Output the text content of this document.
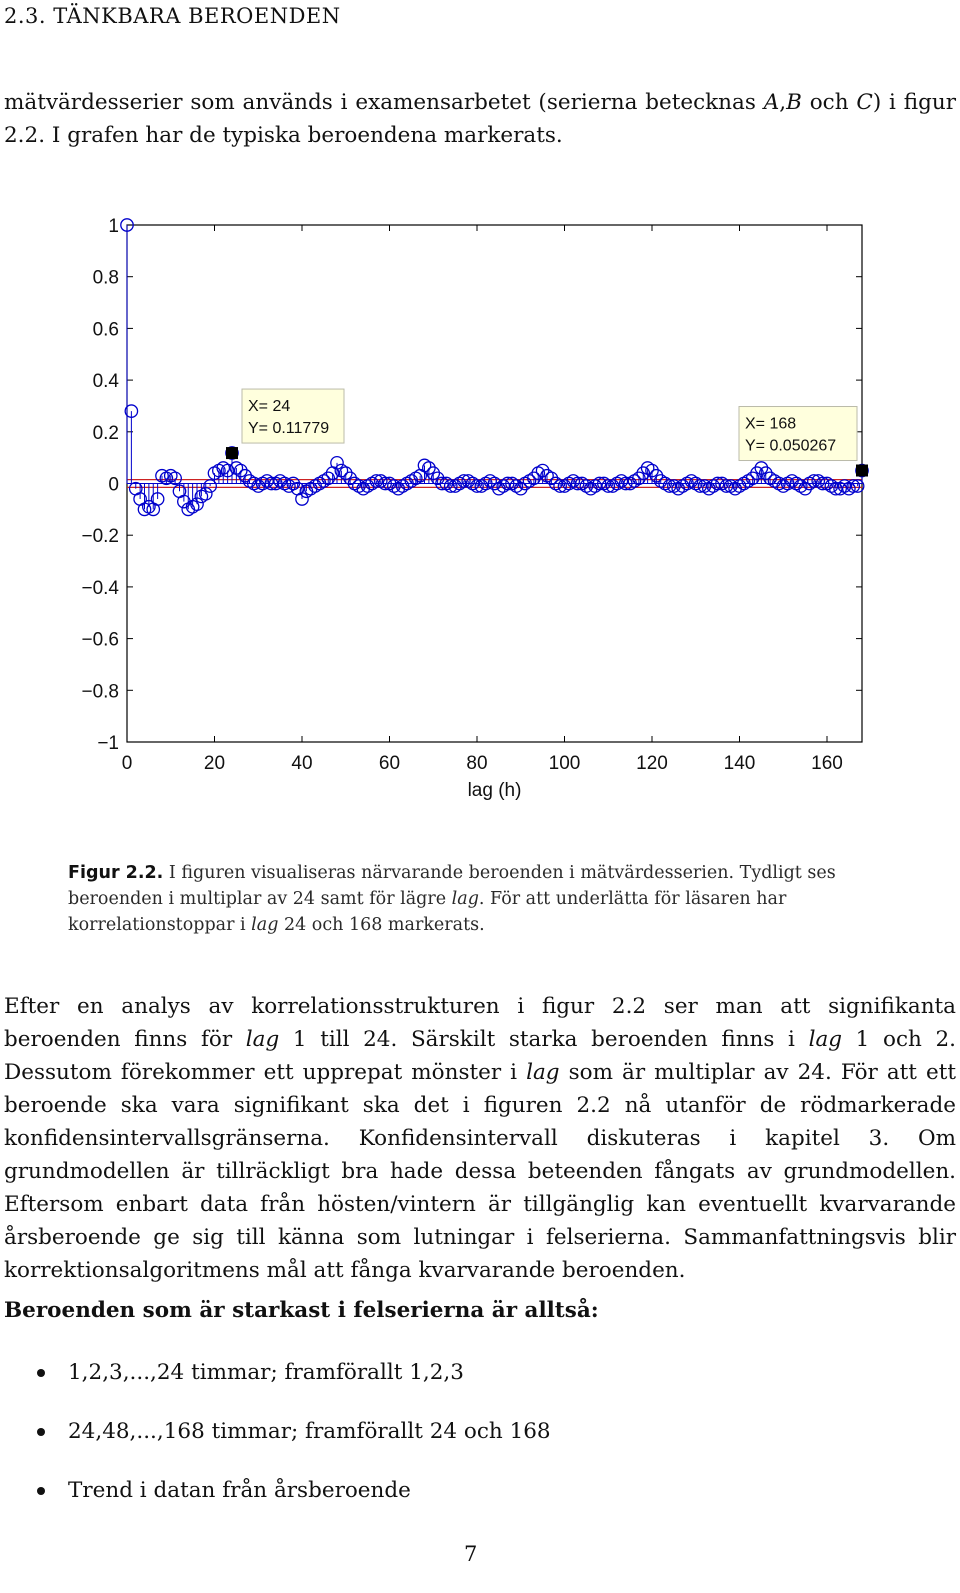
2.3. TÄNKBARA BEROENDEN

mätvärdesserier som används i examensarbetet (serierna betecknas A,B och C) i figur 2.2. I grafen har de typiska beroendena markerats.

0	20	40	60	80	100	120	140	160
1
0.8
0.6
0.4
0.2
0
−0.2
−0.4
−0.6
−0.8
−1
lag (h)
X= 24
Y= 0.11779	X= 168
Y= 0.050267

Figur 2.2. I figuren visualiseras närvarande beroenden i mätvärdesserien. Tydligt ses beroenden i multiplar av 24 samt för lägre lag. För att underlätta för läsaren har korrelationstoppar i lag 24 och 168 markerats.

Efter en analys av korrelationsstrukturen i figur 2.2 ser man att signifikanta beroenden finns för lag 1 till 24. Särskilt starka beroenden finns i lag 1 och 2. Dessutom förekommer ett upprepat mönster i lag som är multiplar av 24. För att ett beroende ska vara signifikant ska det i figuren 2.2 nå utanför de rödmarkerade konfidensintervallsgränserna. Konfidensintervall diskuteras i kapitel 3. Om grundmodellen är tillräckligt bra hade dessa beteenden fångats av grundmodellen. Eftersom enbart data från hösten/vintern är tillgänglig kan eventuellt kvarvarande årsberoende ge sig till känna som lutningar i felserierna. Sammanfattningsvis blir korrektionsalgoritmens mål att fånga kvarvarande beroenden.

Beroenden som är starkast i felserierna är alltså:
1,2,3,...,24 timmar; framförallt 1,2,3
24,48,...,168 timmar; framförallt 24 och 168
Trend i datan från årsberoende
7
